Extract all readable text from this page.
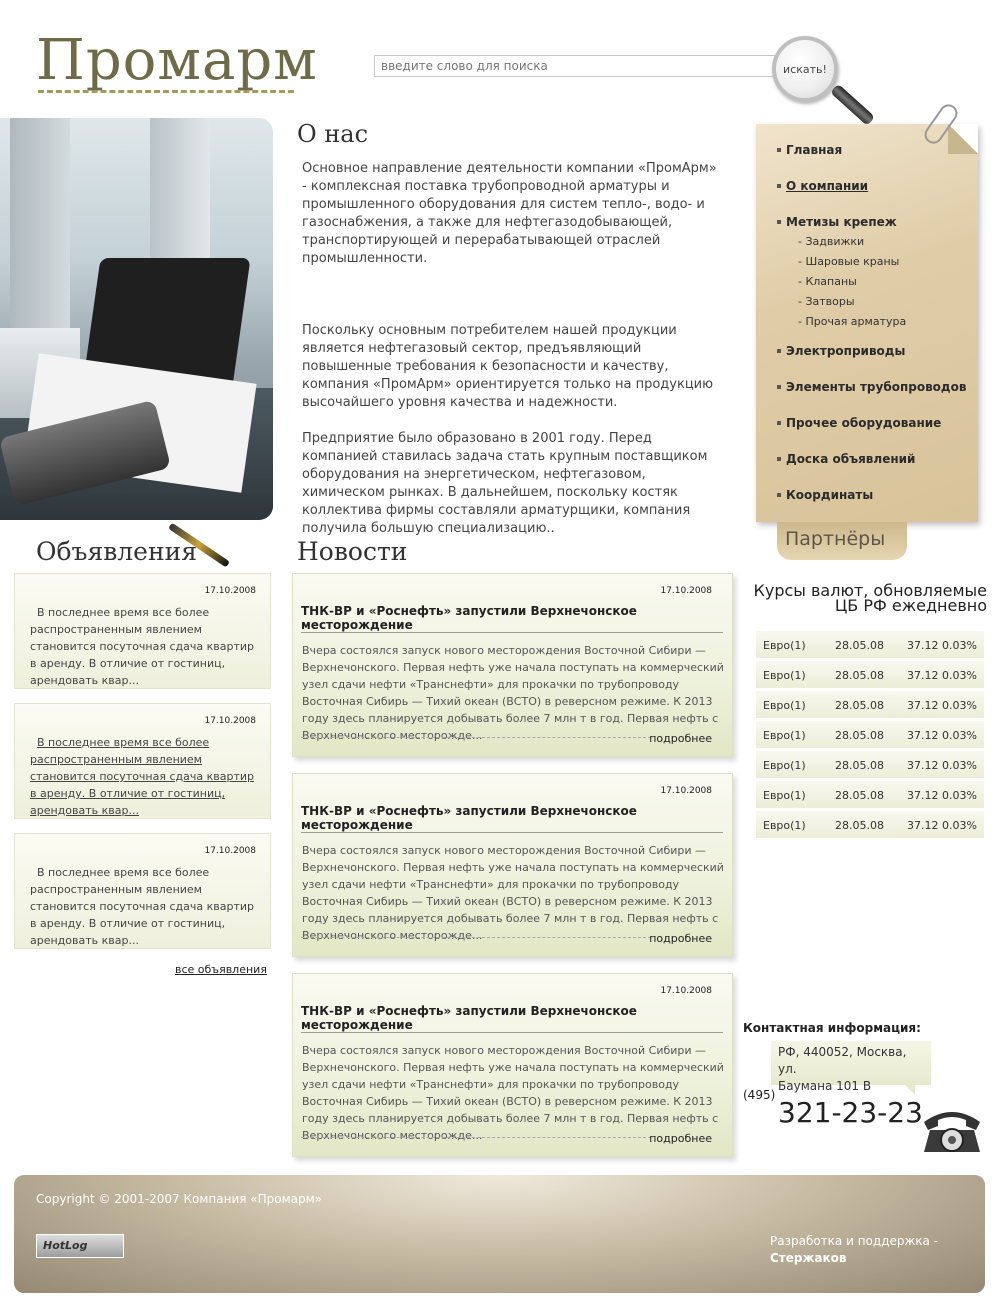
Промарм
введите слово для поиска	искать!
О нас

Основное направление деятельности компании «ПромАрм» - комплексная поставка трубопроводной арматуры и промышленного оборудования для систем тепло-, водо- и газоснабжения, а также для нефтегазодобывающей, транспортирующей и перерабатывающей отраслей промышленности.

Поскольку основным потребителем нашей продукции является нефтегазовый сектор, предъявляющий повышенные требования к безопасности и качеству, компания «ПромАрм» ориентируется только на продукцию высочайшего уровня качества и надежности.

Предприятие было образовано в 2001 году. Перед компанией ставилась задача стать крупным поставщиком оборудования на энергетическом, нефтегазовом, химическом рынках. В дальнейшем, поскольку костяк коллектива фирмы составляли арматурщики, компания получила большую специализацию..

Главная
О компании
Метизы крепеж
- Задвижки
- Шаровые краны
- Клапаны
- Затворы
- Прочая арматура
Электроприводы
Элементы трубопроводов
Прочее оборудование
Доска объявлений
Координаты
Партнёры
Объявления	Новости
17.10.2008
В последнее время все более распространенным явлением становится посуточная сдача квартир в аренду. В отличие от гостиниц, арендовать квар...
17.10.2008
В последнее время все более распространенным явлением становится посуточная сдача квартир в аренду. В отличие от гостиниц, арендовать квар...
17.10.2008
В последнее время все более распространенным явлением становится посуточная сдача квартир в аренду. В отличие от гостиниц, арендовать квар...
все объявления
17.10.2008
ТНК-ВР и «Роснефть» запустили Верхнечонское месторождение
Вчера состоялся запуск нового месторождения Восточной Сибири — Верхнечонского. Первая нефть уже начала поступать на коммерческий узел сдачи нефти «Транснефти» для прокачки по трубопроводу Восточная Сибирь — Тихий океан (ВСТО) в реверсном режиме. К 2013 году здесь планируется добывать более 7 млн т в год. Первая нефть с Верхнечонского месторожде...	подробнее
17.10.2008
ТНК-ВР и «Роснефть» запустили Верхнечонское месторождение
Вчера состоялся запуск нового месторождения Восточной Сибири — Верхнечонского. Первая нефть уже начала поступать на коммерческий узел сдачи нефти «Транснефти» для прокачки по трубопроводу Восточная Сибирь — Тихий океан (ВСТО) в реверсном режиме. К 2013 году здесь планируется добывать более 7 млн т в год. Первая нефть с Верхнечонского месторожде...	подробнее
17.10.2008
ТНК-ВР и «Роснефть» запустили Верхнечонское месторождение
Вчера состоялся запуск нового месторождения Восточной Сибири — Верхнечонского. Первая нефть уже начала поступать на коммерческий узел сдачи нефти «Транснефти» для прокачки по трубопроводу Восточная Сибирь — Тихий океан (ВСТО) в реверсном режиме. К 2013 году здесь планируется добывать более 7 млн т в год. Первая нефть с Верхнечонского месторожде...	подробнее
Курсы валют, обновляемые
ЦБ РФ ежедневно
Евро(1)	28.05.08 37.12 0.03%
Евро(1)	28.05.08 37.12 0.03%
Евро(1)	28.05.08 37.12 0.03%
Евро(1)	28.05.08 37.12 0.03%
Евро(1)	28.05.08 37.12 0.03%
Евро(1)	28.05.08 37.12 0.03%
Евро(1)	28.05.08 37.12 0.03%
Контактная информация:
РФ, 440052, Москва, ул.
Баумана 101 В
(495)
321-23-23
Copyright © 2001-2007 Компания «Промарм»
HotLog	Разработка и поддержка -
Стержаков
